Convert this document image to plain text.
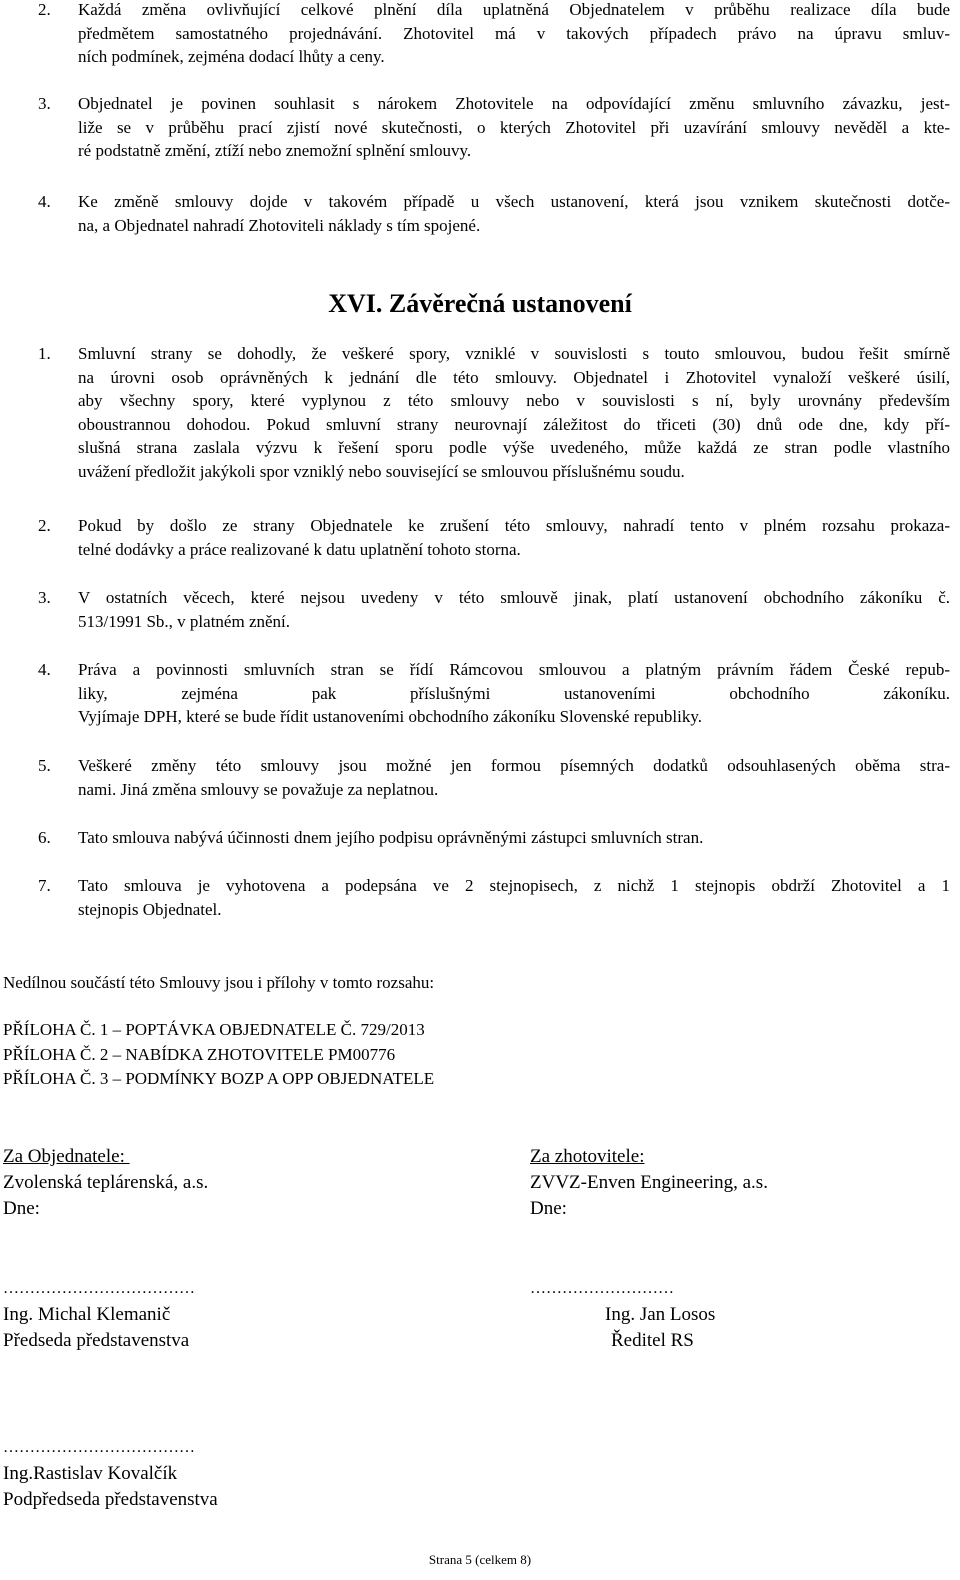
2.	Každá změna ovlivňující celkové plnění díla uplatněná Objednatelem v průběhu realizace díla bude
předmětem samostatného projednávání. Zhotovitel má v takových případech právo na úpravu smluv-
ních podmínek, zejména dodací lhůty a ceny.
3.	Objednatel je povinen souhlasit s nárokem Zhotovitele na odpovídající změnu smluvního závazku, jest-
liže se v průběhu prací zjistí nové skutečnosti, o kterých Zhotovitel při uzavírání smlouvy nevěděl a kte-
ré podstatně změní, ztíží nebo znemožní splnění smlouvy.
4.	Ke změně smlouvy dojde v takovém případě u všech ustanovení, která jsou vznikem skutečnosti dotče-
na, a Objednatel nahradí Zhotoviteli náklady s tím spojené.
XVI. Závěrečná ustanovení
1.	Smluvní strany se dohodly, že veškeré spory, vzniklé v souvislosti s touto smlouvou, budou řešit smírně
na úrovni osob oprávněných k jednání dle této smlouvy. Objednatel i Zhotovitel vynaloží veškeré úsilí,
aby všechny spory, které vyplynou z této smlouvy nebo v souvislosti s ní, byly urovnány především
oboustrannou dohodou. Pokud smluvní strany neurovnají záležitost do třiceti (30) dnů ode dne, kdy pří-
slušná strana zaslala výzvu k řešení sporu podle výše uvedeného, může každá ze stran podle vlastního
uvážení předložit jakýkoli spor vzniklý nebo související se smlouvou příslušnému soudu.
2.	Pokud by došlo ze strany Objednatele ke zrušení této smlouvy, nahradí tento v plném rozsahu prokaza-
telné dodávky a práce realizované k datu uplatnění tohoto storna.
3.	V ostatních věcech, které nejsou uvedeny v této smlouvě jinak, platí ustanovení obchodního zákoníku č.
513/1991 Sb., v platném znění.
4.	Práva a povinnosti smluvních stran se řídí Rámcovou smlouvou a platným právním řádem České repub-
liky, zejména pak příslušnými ustanoveními obchodního zákoníku.
Vyjímaje DPH, které se bude řídit ustanoveními obchodního zákoníku Slovenské republiky.
5.	Veškeré změny této smlouvy jsou možné jen formou písemných dodatků odsouhlasených oběma stra-
nami. Jiná změna smlouvy se považuje za neplatnou.
6.	Tato smlouva nabývá účinnosti dnem jejího podpisu oprávněnými zástupci smluvních stran.
7.	Tato smlouva je vyhotovena a podepsána ve 2 stejnopisech, z nichž 1 stejnopis obdrží Zhotovitel a 1
stejnopis Objednatel.
Nedílnou součástí této Smlouvy jsou i přílohy v tomto rozsahu:
PŘÍLOHA Č. 1 – POPTÁVKA OBJEDNATELE Č. 729/2013
PŘÍLOHA Č. 2 – NABÍDKA ZHOTOVITELE PM00776
PŘÍLOHA Č. 3 – PODMÍNKY BOZP A OPP OBJEDNATELE
Za Objednatele:
Zvolenská teplárenská, a.s.
Dne:
………………………………
Ing. Michal Klemanič
Předseda představenstva
………………………………
Ing.Rastislav Kovalčík
Podpředseda představenstva
Za zhotovitele:
ZVVZ-Enven Engineering, a.s.
Dne:
………………………
Ing. Jan Losos
Ředitel RS
Strana 5 (celkem 8)
